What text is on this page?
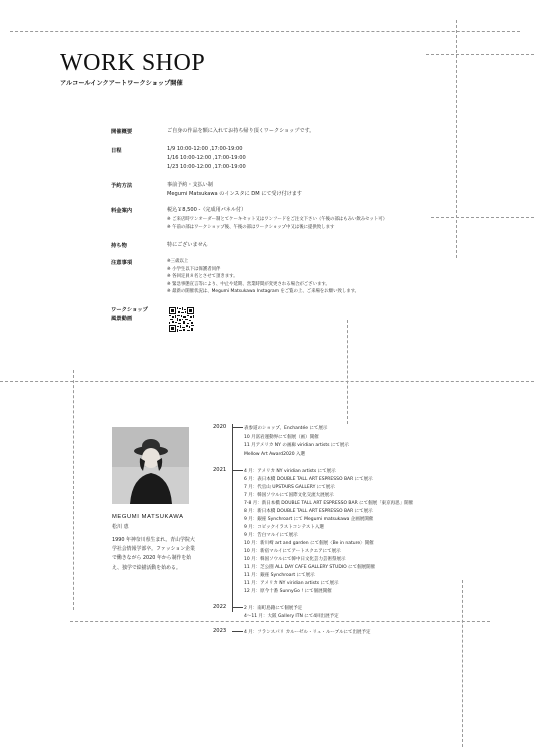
WORK SHOP
アルコールインクアートワークショップ開催
開催概要	ご自身の作品を額に入れてお持ち帰り頂くワークショップです。
日程	1/9 10:00-12:00 ,17:00-19:00
1/16 10:00-12:00 ,17:00-19:00
1/23 10:00-12:00 ,17:00-19:00
予約方法	事前予約・支払い制
Megumi Matsukawa のインスタに DM にて受け付けます
料金案内	税込￥8,500 -（完成用パネル付）
※ ご来店時ワンオーダー制とてケーキセット又はワンフードをご注文下さい（午後の部はもみい飲みセット可）
※ 午前の部はワークショップ後、午後の部はワークショップ中又は後に提供致します
持ち物	特にございません
注意事項	※三歳以上
※ 小学生以下は保護者同伴
※ 各回定員８名とさせて頂きます。
※ 緊急事態宣言等により、中止や延期、営業時間が変更される場合がございます。
※ 最新の開催状況は、Megumi Matsukawa Instagram をご覧の上、ご来場をお願い致します。
ワークショップ
風景動画
MEGUMI MATSUKAWA
松川 恵
1990 年神奈川県生まれ。青山学院大学社会情報学部卒。ファッション企業で働きながら 2020 年から制作を始え、独学で絵描活動を始める。
2020	表参道のショップ、Enchantée にて展示
10 月富岩運動界にて個展（画）開催
11 月アメリカ NY の画廊 viridian artists にて展示
Mellow Art Award2020 入選
2021	4 月：アメリカ NY viridian artists にて展示
6 月：表日本橋 DOUBLE TALL ART ESPRESSO BAR にて展示
7 月：代官山 UPSTAIRS GALLERY にて展示
7 月：韓国ソウルにて国際文化交流大展展示
7-8 月：新日本橋 DOUBLE TALL ART ESPRESSO BAR にて個展「東京再思」開催
8 月：新日本橋 DOUBLE TALL ART ESPRESSO BAR にて展示
9 月：銀座 Synchroart にて Megumi matsukawa 企画展開催
9 月：コピックイラストコンテスト入選
9 月：告白マルイにて展示
10 月：新川崎 art and garden にて個展〈Be in nature〉開催
10 月：新宿マルイにてアートスクエアにて展示
10 月：韓国ソウルにて韓中日文化芸力芸術祭展示
11 月：芝公園 ALL DAY CAFE GALLERY STUDIO にて個展開催
11 月：銀座 Synchroart にて展示
11 月：アメリカ NY viridian artists にて展示
12 月：原今十番 SunnyGo ! にて個展開催
2022	2 月：南町島籍にて個展予定
4～11 月：大阪 Gallery ITN にて4回出展予定
2023	4 月：フランスパリ カルーゼル・リュ・ルーブルにて出展予定
